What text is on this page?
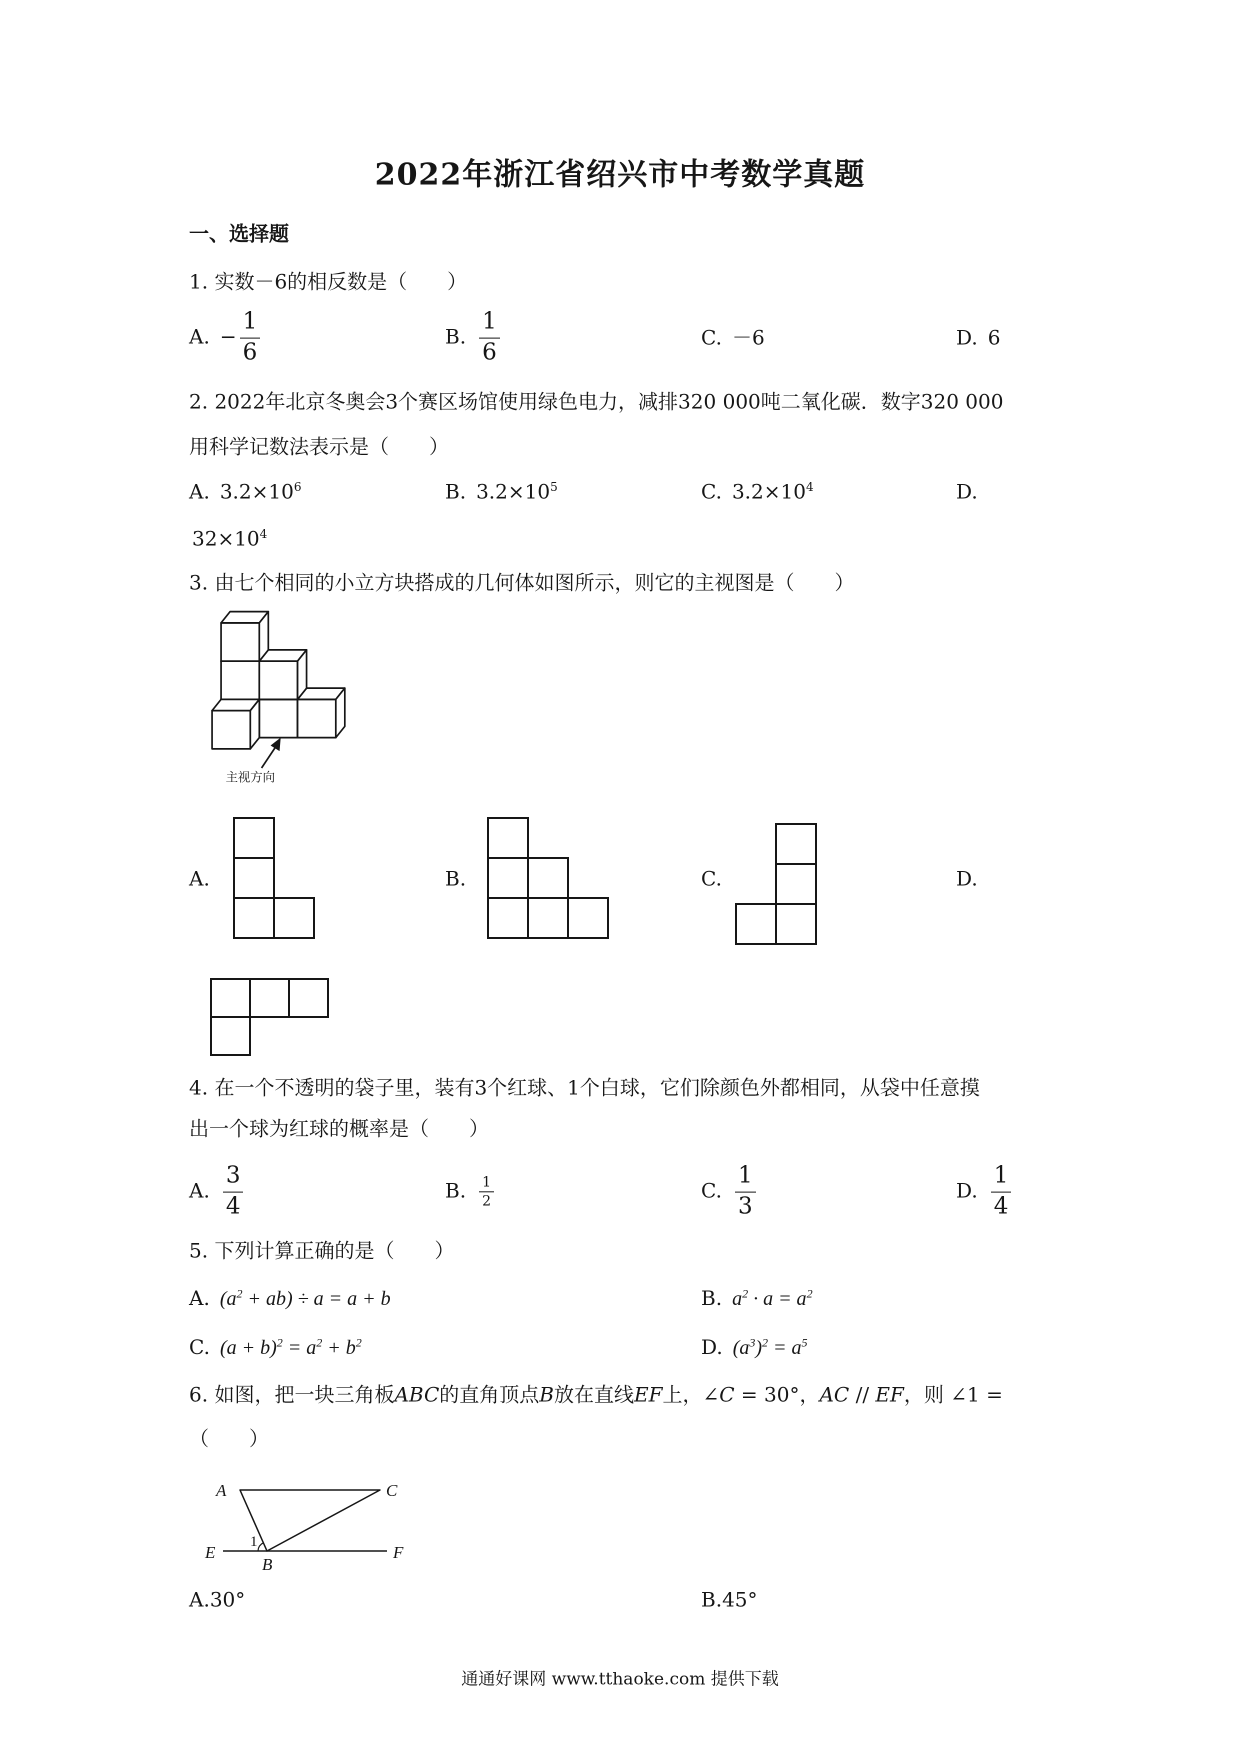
2022年浙江省绍兴市中考数学真题
一、选择题
1. 实数－6的相反数是（　　）
A. − $\frac{1}{6}$	B. $\frac{1}{6}$	C. －6	D. 6
2. 2022年北京冬奥会3个赛区场馆使用绿色电力，减排320 000吨二氧化碳．数字320 000
用科学记数法表示是（　　）
A. $3.2\times 10^6$	B. $3.2\times 10^5$	C. $3.2\times 10^4$	D.
$32\times 10^4$
3. 由七个相同的小立方块搭成的几何体如图所示，则它的主视图是（　　）
主视方向
A.	B.	C.	D.
4. 在一个不透明的袋子里，装有3个红球、1个白球，它们除颜色外都相同，从袋中任意摸
出一个球为红球的概率是（　　）
A. $\frac{3}{4}$	B. $\frac{1}{2}$	C. $\frac{1}{3}$	D. $\frac{1}{4}$
5. 下列计算正确的是（　　）
A. $(a^2 + ab) \div a = a + b$	B. $a^2 \cdot a = a^2$
C. $(a + b)^2 = a^2 + b^2$	D. $(a^3)^2 = a^5$
6. 如图，把一块三角板ABC的直角顶点B放在直线EF上，∠C = 30°，AC // EF，则 ∠1 =
（　　）
A	C
E
B
F
1
A.30°	B.45°
通通好课网 www.tthaoke.com 提供下载
